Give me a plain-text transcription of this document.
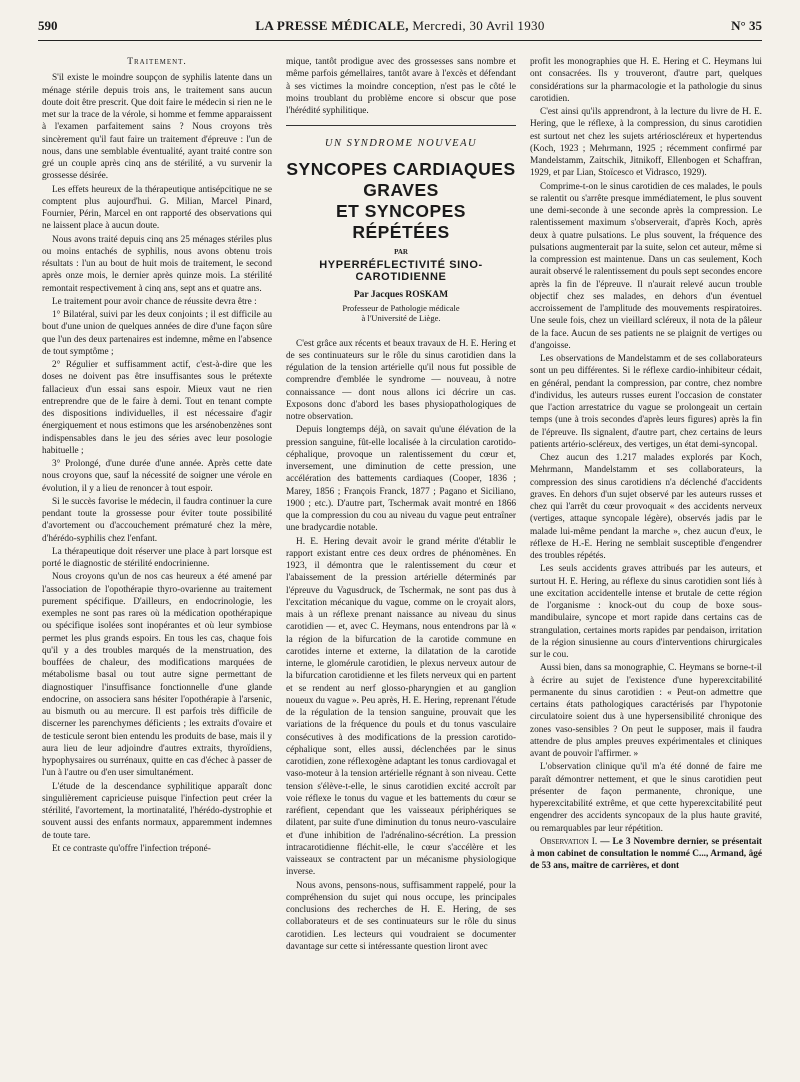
590	LA PRESSE MÉDICALE, Mercredi, 30 Avril 1930	N° 35
Traitement.

S'il existe le moindre soupçon de syphilis latente dans un ménage stérile depuis trois ans, le traitement sans aucun doute doit être prescrit. Que doit faire le médecin si rien ne le met sur la trace de la vérole, si homme et femme apparaissent à l'examen parfaitement sains ? Nous croyons très sincèrement qu'il faut faire un traitement d'épreuve : l'un de nous, dans une semblable éventualité, ayant traité contre son gré un couple après cinq ans de stérilité, a vu survenir la grossesse désirée.

Les effets heureux de la thérapeutique antisépcitique ne se comptent plus aujourd'hui. G. Milian, Marcel Pinard, Fournier, Périn, Marcel en ont rapporté des observations qui ne laissent place à aucun doute.

Nous avons traité depuis cinq ans 25 ménages stériles plus ou moins entachés de syphilis, nous avons obtenu trois résultats : l'un au bout de huit mois de traitement, le second après onze mois, le dernier après quinze mois. La stérilité remontait respectivement à cinq ans, sept ans et quatre ans.

Le traitement pour avoir chance de réussite devra être :

1° Bilatéral, suivi par les deux conjoints ; il est difficile au bout d'une union de quelques années de dire d'une façon sûre que l'un des deux partenaires est indemne, même en l'absence de tout symptôme ;

2° Régulier et suffisamment actif, c'est-à-dire que les doses ne doivent pas être insuffisantes sous le prétexte fallacieux d'un essai sans espoir. Mieux vaut ne rien entreprendre que de le faire à demi. Tout en tenant compte des dispositions individuelles, il est nécessaire d'agir énergiquement et nous estimons que les arsénobenzènes sont indispensables dans le jeu des séries avec leur posologie habituelle ;

3° Prolongé, d'une durée d'une année. Après cette date nous croyons que, sauf la nécessité de soigner une vérole en évolution, il y a lieu de renoncer à tout espoir.

Si le succès favorise le médecin, il faudra continuer la cure pendant toute la grossesse pour éviter toute possibilité d'avortement ou d'accouchement prématuré chez la mère, d'hérédo-syphilis chez l'enfant.

La thérapeutique doit réserver une place à part lorsque est porté le diagnostic de stérilité endocrinienne.

Nous croyons qu'un de nos cas heureux a été amené par l'association de l'opothérapie thyro-ovarienne au traitement purement spécifique. D'ailleurs, en endocrinologie, les exemples ne sont pas rares où la médication opothérapique ou spécifique isolées sont inopérantes et où leur symbiose permet les plus grands espoirs. En tous les cas, chaque fois qu'il y a des troubles marqués de la menstruation, des bouffées de chaleur, des modifications marquées de métabolisme basal ou tout autre signe permettant de diagnostiquer l'insuffisance fonctionnelle d'une glande endocrine, on associera sans hésiter l'opothérapie à l'arsenic, au bismuth ou au mercure. Il est parfois très difficile de discerner les parenchymes déficients ; les extraits d'ovaire et de testicule seront bien entendu les produits de base, mais il y aura lieu de leur adjoindre d'autres extraits, thyroïdiens, hypophysaires ou surrénaux, quitte en cas d'échec à passer de l'un à l'autre ou d'en user simultanément.

L'étude de la descendance syphilitique apparaît donc singulièrement capricieuse puisque l'infection peut créer la stérilité, l'avortement, la mortinatalité, l'hérédo-dystrophie et souvent aussi des enfants normaux, apparemment indemnes de toute tare.

Et ce contraste qu'offre l'infection tréponé-

mique, tantôt prodigue avec des grossesses sans nombre et même parfois gémellaires, tantôt avare à l'excès et défendant à ses victimes la moindre conception, n'est pas le côté le moins troublant du problème encore si obscur que pose l'hérédité syphilitique.

UN SYNDROME NOUVEAU
SYNCOPES CARDIAQUES GRAVES
ET SYNCOPES RÉPÉTÉES
PAR
HYPERRÉFLECTIVITÉ SINO-CAROTIDIENNE
Par Jacques ROSKAM
Professeur de Pathologie médicale
à l'Université de Liège.

C'est grâce aux récents et beaux travaux de H. E. Hering et de ses continuateurs sur le rôle du sinus carotidien dans la régulation de la tension artérielle qu'il nous fut possible de comprendre d'emblée le syndrome — nouveau, à notre connaissance — dont nous allons ici décrire un cas. Exposons donc d'abord les bases physiopathologiques de notre observation.

Depuis longtemps déjà, on savait qu'une élévation de la pression sanguine, fût-elle localisée à la circulation carotido-céphalique, provoque un ralentissement du cœur et, inversement, une diminution de cette pression, une accélération des battements cardiaques (Cooper, 1836 ; Marey, 1856 ; François Franck, 1877 ; Pagano et Siciliano, 1900 ; etc.). D'autre part, Tschermak avait montré en 1866 que la compression du cou au niveau du vague peut entraîner une bradycardie notable.

H. E. Hering devait avoir le grand mérite d'établir le rapport existant entre ces deux ordres de phénomènes. En 1923, il démontra que le ralentissement du cœur et l'abaissement de la pression artérielle déterminés par l'épreuve du Vagusdruck, de Tschermak, ne sont pas dus à l'excitation mécanique du vague, comme on le croyait alors, mais à un réflexe prenant naissance au niveau du sinus carotidien — et, avec C. Heymans, nous entendrons par là « la région de la bifurcation de la carotide commune en carotides interne et externe, la dilatation de la carotide interne, le glomérule carotidien, le plexus nerveux autour de la bifurcation carotidienne et les filets nerveux qui en partent et se rendent au nerf glosso-pharyngien et au ganglion noueux du vague ». Peu après, H. E. Hering, reprenant l'étude de la régulation de la tension sanguine, prouvait que les variations de la fréquence du pouls et du tonus vasculaire consécutives à des modifications de la pression carotido-céphalique sont, elles aussi, déclenchées par le sinus carotidien, zone réflexogène adaptant les tonus cardiovagal et vaso-moteur à la tension artérielle régnant à son niveau. Cette tension s'élève-t-elle, le sinus carotidien excité accroît par voie réflexe le tonus du vague et les battements du cœur se raréfient, cependant que les vaisseaux périphériques se dilatent, par suite d'une diminution du tonus neuro-vasculaire et d'une inhibition de l'adrénalino-sécrétion. La pression intracarotidienne fléchit-elle, le cœur s'accélère et les vaisseaux se contractent par un mécanisme physiologique inverse.

Nous avons, pensons-nous, suffisamment rappelé, pour la compréhension du sujet qui nous occupe, les principales conclusions des recherches de H. E. Hering, de ses collaborateurs et de ses continuateurs sur le rôle du sinus carotidien. Les lecteurs qui voudraient se documenter davantage sur cette si intéressante question liront avec

profit les monographies que H. E. Hering et C. Heymans lui ont consacrées. Ils y trouveront, d'autre part, quelques considérations sur la pharmacologie et la pathologie du sinus carotidien.

C'est ainsi qu'ils apprendront, à la lecture du livre de H. E. Hering, que le réflexe, à la compression, du sinus carotidien est surtout net chez les sujets artérioscléreux et hypertendus (Koch, 1923 ; Mehrmann, 1925 ; récemment confirmé par Mandelstamm, Zaitschik, Jitnikoff, Ellenbogen et Schaffran, 1929, et par Lian, Stoïcesco et Vidrasco, 1929).

Comprime-t-on le sinus carotidien de ces malades, le pouls se ralentit ou s'arrête presque immédiatement, le plus souvent une demi-seconde à une seconde après la compression. Le ralentissement maximum s'observerait, d'après Koch, après deux à quatre pulsations. Le plus souvent, la fréquence des pulsations augmenterait par la suite, selon cet auteur, même si la compression est maintenue. Dans un cas seulement, Koch aurait observé le ralentissement du pouls sept secondes encore après la fin de l'épreuve. Il n'aurait relevé aucun trouble objectif chez ses malades, en dehors d'un éventuel accroissement de l'amplitude des mouvements respiratoires. Une seule fois, chez un vieillard scléreux, il nota de la pâleur de la face. Aucun de ses patients ne se plaignit de vertiges ou d'angoisse.

Les observations de Mandelstamm et de ses collaborateurs sont un peu différentes. Si le réflexe cardio-inhibiteur cédait, en général, pendant la compression, par contre, chez nombre d'individus, les auteurs russes eurent l'occasion de constater que l'action arrestatrice du vague se prolongeait un certain temps (une à trois secondes d'après leurs figures) après la fin de l'épreuve. Ils signalent, d'autre part, chez certains de leurs patients artério-scléreux, des vertiges, un état demi-syncopal.

Chez aucun des 1.217 malades explorés par Koch, Mehrmann, Mandelstamm et ses collaborateurs, la compression des sinus carotidiens n'a déclenché d'accidents graves. En dehors d'un sujet observé par les auteurs russes et chez qui l'arrêt du cœur provoquait « des accidents nerveux (vertiges, attaque syncopale légère), observés jadis par le malade lui-même pendant la marche », chez aucun d'eux, le réflexe de H.-E. Hering ne semblait susceptible d'engendrer des troubles répétés.

Les seuls accidents graves attribués par les auteurs, et surtout H. E. Hering, au réflexe du sinus carotidien sont liés à une excitation accidentelle intense et brutale de cette région de l'organisme : knock-out du coup de boxe sous-mandibulaire, syncope et mort rapide dans certains cas de strangulation, certaines morts rapides par pendaison, irritation de la région sinusienne au cours d'interventions chirurgicales sur le cou.

Aussi bien, dans sa monographie, C. Heymans se borne-t-il à écrire au sujet de l'existence d'une hyperexcitabilité permanente du sinus carotidien : « Peut-on admettre que certains états pathologiques caractérisés par l'hypotonie circulatoire soient dus à une hypersensibilité chronique des zones vaso-sensibles ? On peut le supposer, mais il faudra attendre de plus amples preuves expérimentales et cliniques avant de pouvoir l'affirmer. »

L'observation clinique qu'il m'a été donné de faire me paraît démontrer nettement, et que le sinus carotidien peut présenter de façon permanente, chronique, une hyperexcitabilité extrême, et que cette hyperexcitabilité peut engendrer des accidents syncopaux de la plus haute gravité, ou remarquables par leur répétition.

Observation I. — Le 3 Novembre dernier, se présentait à mon cabinet de consultation le nommé C..., Armand, âgé de 53 ans, maître de carrières, et dont
